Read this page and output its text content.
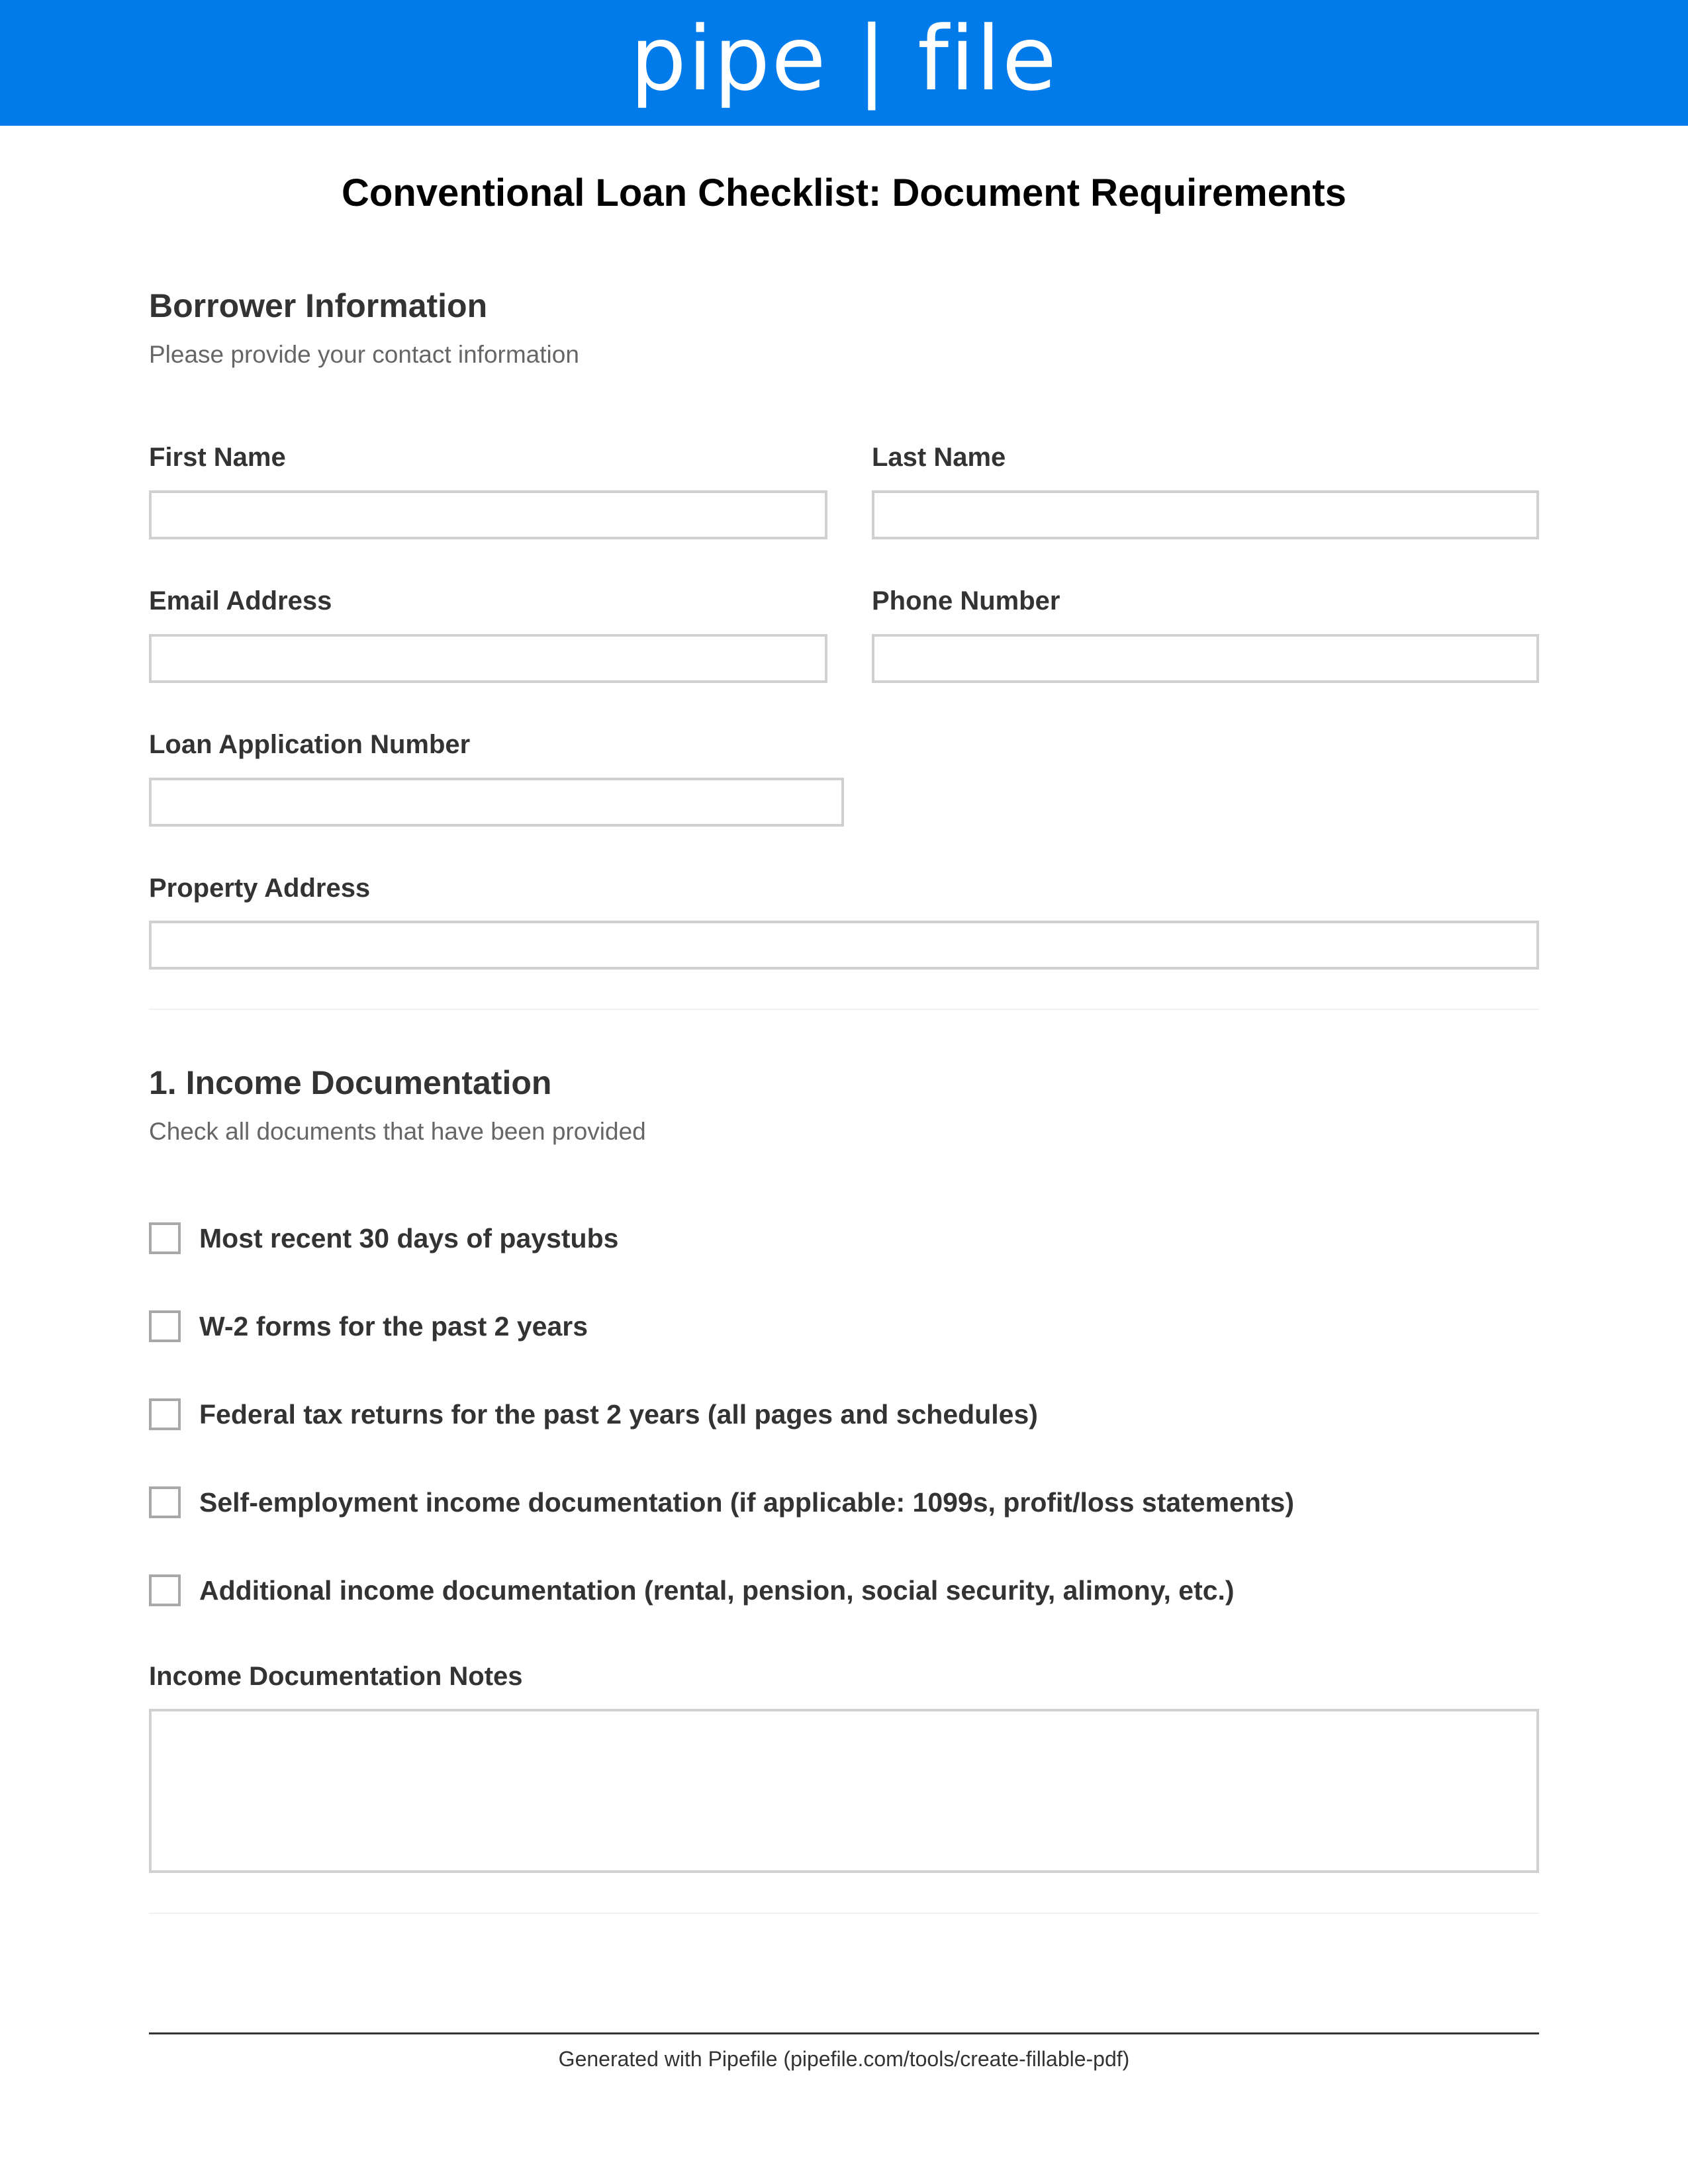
pipe | file
Conventional Loan Checklist: Document Requirements
Borrower Information
Please provide your contact information
First Name	Last Name
Email Address	Phone Number
Loan Application Number
Property Address
1. Income Documentation
Check all documents that have been provided
Most recent 30 days of paystubs
W-2 forms for the past 2 years
Federal tax returns for the past 2 years (all pages and schedules)
Self-employment income documentation (if applicable: 1099s, profit/loss statements)
Additional income documentation (rental, pension, social security, alimony, etc.)
Income Documentation Notes
Generated with Pipefile (pipefile.com/tools/create-fillable-pdf)
